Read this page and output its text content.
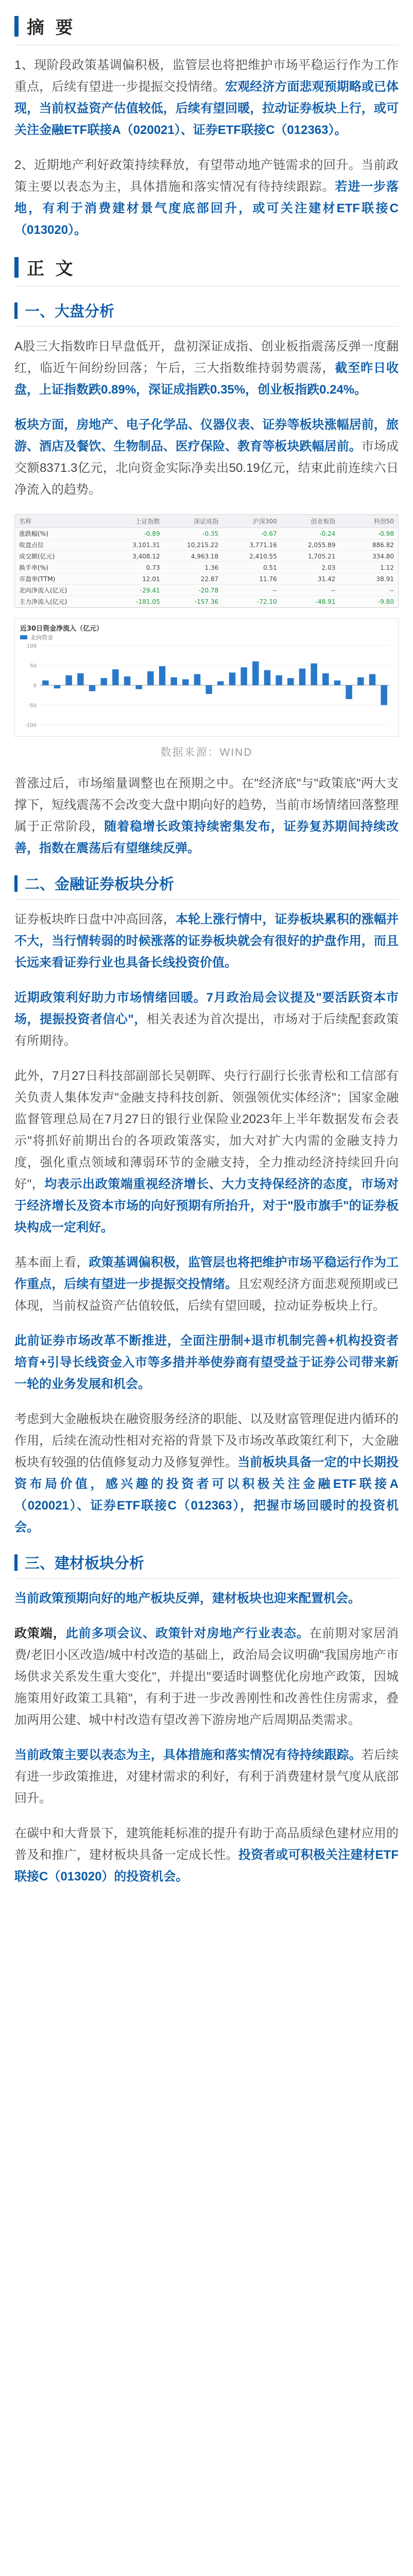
摘 要

1、现阶段政策基调偏积极，监管层也将把维护市场平稳运行作为工作重点，后续有望进一步提振交投情绪。宏观经济方面悲观预期略或已体现，当前权益资产估值较低，后续有望回暖，拉动证券板块上行，或可关注金融ETF联接A（020021）、证券ETF联接C（012363）。

2、近期地产利好政策持续释放，有望带动地产链需求的回升。当前政策主要以表态为主，具体措施和落实情况有待持续跟踪。若进一步落地，有利于消费建材景气度底部回升，或可关注建材ETF联接C（013020）。

正 文
一、大盘分析

A股三大指数昨日早盘低开，盘初深证成指、创业板指震荡反弹一度翻红，临近午间纷纷回落；午后，三大指数维持弱势震荡，截至昨日收盘，上证指数跌0.89%，深证成指跌0.35%，创业板指跌0.24%。

板块方面，房地产、电子化学品、仪器仪表、证券等板块涨幅居前，旅游、酒店及餐饮、生物制品、医疗保险、教育等板块跌幅居前。市场成交额8371.3亿元，北向资金实际净卖出50.19亿元，结束此前连续六日净流入的趋势。

名称	上证指数	深证成指	沪深300	创业板指	科创50
涨跌幅(%)	-0.89	-0.35	-0.67	-0.24	-0.98
收盘点位	3,101.31	10,215.22	3,771.16	2,055.89	886.82
成交额(亿元)	3,408.12	4,963.18	2,410.55	1,705.21	334.80
换手率(%)	0.73	1.36	0.51	2.03	1.12
市盈率(TTM)	12.01	22.87	11.76	31.42	38.91
北向净流入(亿元)	-29.41	-20.78	--	--	--
主力净流入(亿元)	-181.05	-157.36	-72.10	-48.91	-9.80
近30日资金净流入（亿元）
北向资金
-100
-50
0
50
100
数据来源：WIND

普涨过后，市场缩量调整也在预期之中。在"经济底"与"政策底"两大支撑下，短线震荡不会改变大盘中期向好的趋势，当前市场情绪回落整理属于正常阶段，随着稳增长政策持续密集发布，证券复苏期间持续改善，指数在震荡后有望继续反弹。

二、金融证券板块分析

证券板块昨日盘中冲高回落，本轮上涨行情中，证券板块累积的涨幅并不大，当行情转弱的时候涨落的证券板块就会有很好的护盘作用，而且长远来看证券行业也具备长线投资价值。

近期政策利好助力市场情绪回暖。7月政治局会议提及"要活跃资本市场，提振投资者信心"，相关表述为首次提出，市场对于后续配套政策有所期待。

此外，7月27日科技部副部长吴朝晖、央行行副行长张青松和工信部有关负责人集体发声"金融支持科技创新、领强领优实体经济"；国家金融监督管理总局在7月27日的银行业保险业2023年上半年数据发布会表示"将抓好前期出台的各项政策落实，加大对扩大内需的金融支持力度，强化重点领域和薄弱环节的金融支持，全力推动经济持续回升向好"，均表示出政策端重视经济增长、大力支持保经济的态度，市场对于经济增长及资本市场的向好预期有所抬升，对于"股市旗手"的证券板块构成一定利好。

基本面上看，政策基调偏积极，监管层也将把维护市场平稳运行作为工作重点，后续有望进一步提振交投情绪。且宏观经济方面悲观预期或已体现，当前权益资产估值较低，后续有望回暖，拉动证券板块上行。

此前证券市场改革不断推进，全面注册制+退市机制完善+机构投资者培育+引导长线资金入市等多措并举使券商有望受益于证券公司带来新一轮的业务发展和机会。

考虑到大金融板块在融资服务经济的职能、以及财富管理促进内循环的作用，后续在流动性相对充裕的背景下及市场改革政策红利下，大金融板块有较强的估值修复动力及修复弹性。当前板块具备一定的中长期投资布局价值，感兴趣的投资者可以积极关注金融ETF联接A（020021）、证券ETF联接C（012363），把握市场回暖时的投资机会。

三、建材板块分析

当前政策预期向好的地产板块反弹，建材板块也迎来配置机会。

政策端，此前多项会议、政策针对房地产行业表态。在前期对家居消费/老旧小区改造/城中村改造的基础上，政治局会议明确"我国房地产市场供求关系发生重大变化"，并提出"要适时调整优化房地产政策，因城施策用好政策工具箱"，有利于进一步改善刚性和改善性住房需求，叠加两用公建、城中村改造有望改善下游房地产后周期品类需求。

当前政策主要以表态为主，具体措施和落实情况有待持续跟踪。若后续有进一步政策推进，对建材需求的利好，有利于消费建材景气度从底部回升。

在碳中和大背景下，建筑能耗标准的提升有助于高品质绿色建材应用的普及和推广，建材板块具备一定成长性。投资者或可积极关注建材ETF联接C（013020）的投资机会。
